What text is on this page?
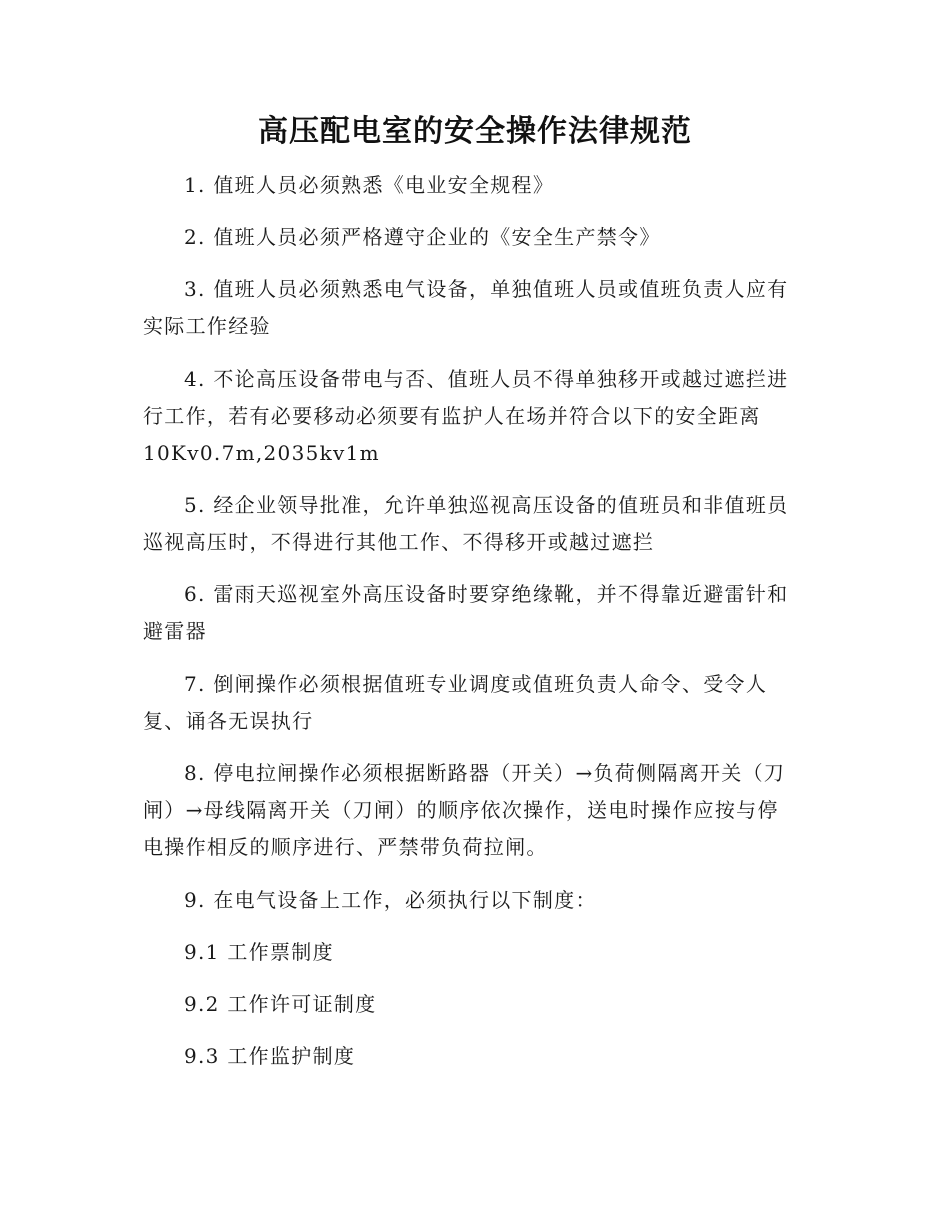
高压配电室的安全操作法律规范
1. 值班人员必须熟悉《电业安全规程》
2. 值班人员必须严格遵守企业的《安全生产禁令》
3. 值班人员必须熟悉电气设备，单独值班人员或值班负责人应有
实际工作经验
4. 不论高压设备带电与否、值班人员不得单独移开或越过遮拦进
行工作，若有必要移动必须要有监护人在场并符合以下的安全距离
10Kv0.7m,2035kv1m
5. 经企业领导批准，允许单独巡视高压设备的值班员和非值班员
巡视高压时，不得进行其他工作、不得移开或越过遮拦
6. 雷雨天巡视室外高压设备时要穿绝缘靴，并不得靠近避雷针和
避雷器
7. 倒闸操作必须根据值班专业调度或值班负责人命令、受令人
复、诵各无误执行
8. 停电拉闸操作必须根据断路器（开关）→负荷侧隔离开关（刀
闸）→母线隔离开关（刀闸）的顺序依次操作，送电时操作应按与停
电操作相反的顺序进行、严禁带负荷拉闸。
9. 在电气设备上工作，必须执行以下制度：
9.1 工作票制度
9.2 工作许可证制度
9.3 工作监护制度
